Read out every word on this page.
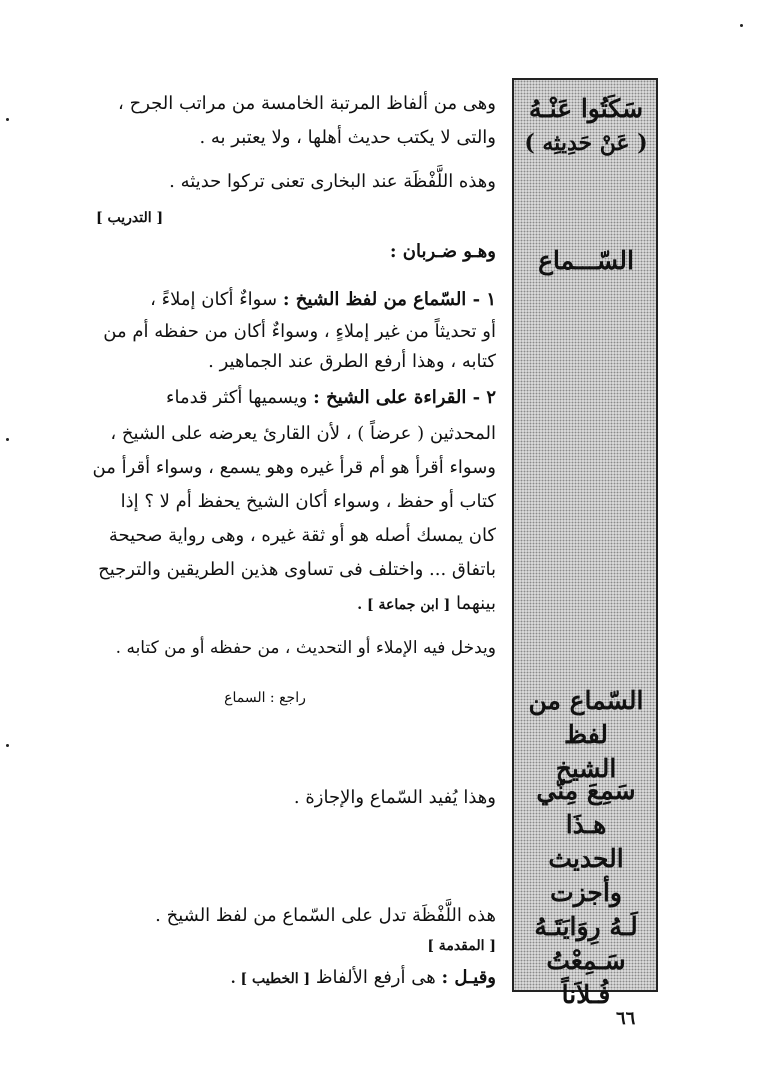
سَكَتُوا عَنْـهُ
( عَنْ حَدِيثِه )
السّـــماع
السّماع من لفظ
الشيخ
سَمِعَ مِنّي هـذَا
الحديث وأجزت
لَـهُ رِوَايَتَـهُ
سَـمِعْتُ فُـلاَناً

وهى من ألفاظ المرتبة الخامسة من مراتب الجرح ،

والتى لا يكتب حديث أهلها ، ولا يعتبر به .

وهذه اللَّفْظَة عند البخارى تعنى تركوا حديثه .

[ التدريب ]

وهـو ضـربان :

١ - السّماع من لفظ الشيخ : سواءٌ أكان إملاءً ،

أو تحديثاً من غير إملاءٍ ، وسواءٌ أكان من حفظه أم من

كتابه ، وهذا أرفع الطرق عند الجماهير .

٢ - القراءة على الشيخ : ويسميها أكثر قدماء

المحدثين ( عرضاً ) ، لأن القارئ يعرضه على الشيخ ،

وسواء أقرأ هو أم قرأ غيره وهو يسمع ، وسواء أقرأ من

كتاب أو حفظ ، وسواء أكان الشيخ يحفظ أم لا ؟ إذا

كان يمسك أصله هو أو ثقة غيره ، وهى رواية صحيحة

باتفاق ... واختلف فى تساوى هذين الطريقين والترجيح

بينهما [ ابن جماعة ] .

ويدخل فيه الإملاء أو التحديث ، من حفظه أو من كتابه .

راجع : السماع

وهذا يُفيد السّماع والإجازة .

هذه اللَّفْظَة تدل على السّماع من لفظ الشيخ .

[ المقدمة ]

وقيـل : هى أرفع الألفاظ [ الخطيب ] .

٦٦
